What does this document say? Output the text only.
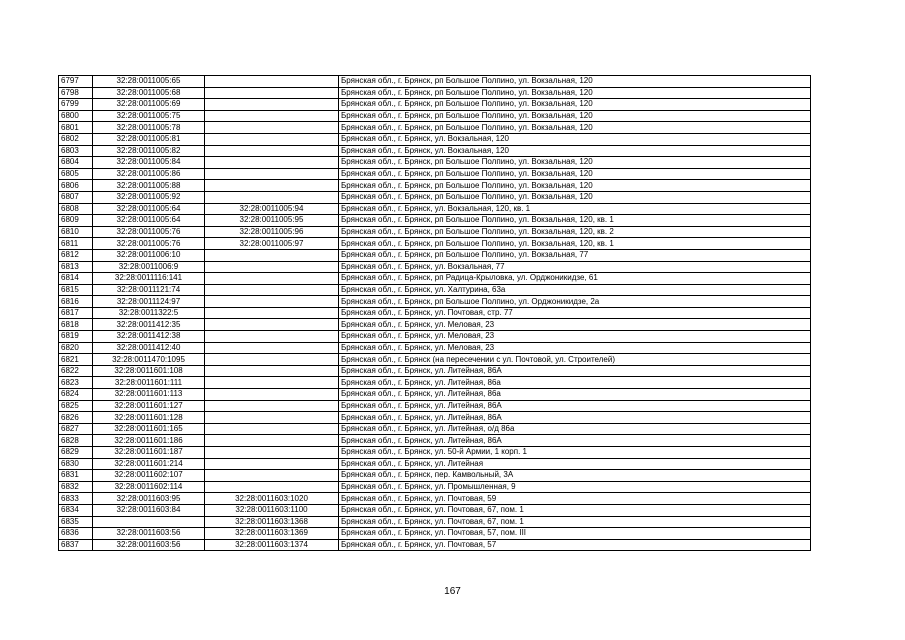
6797	32:28:0011005:65		Брянская обл., г. Брянск, рп Большое Полпино, ул. Вокзальная, 120
6798	32:28:0011005:68		Брянская обл., г. Брянск, рп Большое Полпино, ул. Вокзальная, 120
6799	32:28:0011005:69		Брянская обл., г. Брянск, рп Большое Полпино, ул. Вокзальная, 120
6800	32:28:0011005:75		Брянская обл., г. Брянск, рп Большое Полпино, ул. Вокзальная, 120
6801	32:28:0011005:78		Брянская обл., г. Брянск, рп Большое Полпино, ул. Вокзальная, 120
6802	32:28:0011005:81		Брянская обл., г. Брянск, ул. Вокзальная, 120
6803	32:28:0011005:82		Брянская обл., г. Брянск, ул. Вокзальная, 120
6804	32:28:0011005:84		Брянская обл., г. Брянск, рп Большое Полпино, ул. Вокзальная, 120
6805	32:28:0011005:86		Брянская обл., г. Брянск, рп Большое Полпино, ул. Вокзальная, 120
6806	32:28:0011005:88		Брянская обл., г. Брянск, рп Большое Полпино, ул. Вокзальная, 120
6807	32:28:0011005:92		Брянская обл., г. Брянск, рп Большое Полпино, ул. Вокзальная, 120
6808	32:28:0011005:64	32:28:0011005:94	Брянская обл., г. Брянск, ул. Вокзальная, 120, кв. 1
6809	32:28:0011005:64	32:28:0011005:95	Брянская обл., г. Брянск, рп Большое Полпино, ул. Вокзальная, 120, кв. 1
6810	32:28:0011005:76	32:28:0011005:96	Брянская обл., г. Брянск, рп Большое Полпино, ул. Вокзальная, 120, кв. 2
6811	32:28:0011005:76	32:28:0011005:97	Брянская обл., г. Брянск, рп Большое Полпино, ул. Вокзальная, 120, кв. 1
6812	32:28:0011006:10		Брянская обл., г. Брянск, рп Большое Полпино, ул. Вокзальная, 77
6813	32:28:0011006:9		Брянская обл., г. Брянск, ул. Вокзальная, 77
6814	32:28:0011116:141		Брянская обл., г. Брянск, рп Радица-Крыловка, ул. Орджоникидзе, 61
6815	32:28:0011121:74		Брянская обл., г. Брянск, ул. Халтурина, 63а
6816	32:28:0011124:97		Брянская обл., г. Брянск, рп Большое Полпино, ул. Орджоникидзе, 2а
6817	32:28:0011322:5		Брянская обл., г. Брянск, ул. Почтовая, стр. 77
6818	32:28:0011412:35		Брянская обл., г. Брянск, ул. Меловая, 23
6819	32:28:0011412:38		Брянская обл., г. Брянск, ул. Меловая, 23
6820	32:28:0011412:40		Брянская обл., г. Брянск, ул. Меловая, 23
6821	32:28:0011470:1095		Брянская обл., г. Брянск (на пересечении с ул. Почтовой, ул. Строителей)
6822	32:28:0011601:108		Брянская обл., г. Брянск, ул. Литейная, 86А
6823	32:28:0011601:111		Брянская обл., г. Брянск, ул. Литейная, 86а
6824	32:28:0011601:113		Брянская обл., г. Брянск, ул. Литейная, 86а
6825	32:28:0011601:127		Брянская обл., г. Брянск, ул. Литейная, 86А
6826	32:28:0011601:128		Брянская обл., г. Брянск, ул. Литейная, 86А
6827	32:28:0011601:165		Брянская обл., г. Брянск, ул. Литейная, о/д 86а
6828	32:28:0011601:186		Брянская обл., г. Брянск, ул. Литейная, 86А
6829	32:28:0011601:187		Брянская обл., г. Брянск, ул. 50-й Армии, 1 корп. 1
6830	32:28:0011601:214		Брянская обл., г. Брянск, ул. Литейная
6831	32:28:0011602:107		Брянская обл., г. Брянск, пер. Камвольный, 3А
6832	32:28:0011602:114		Брянская обл., г. Брянск, ул. Промышленная, 9
6833	32:28:0011603:95	32:28:0011603:1020	Брянская обл., г. Брянск, ул. Почтовая, 59
6834	32:28:0011603:84	32:28:0011603:1100	Брянская обл., г. Брянск, ул. Почтовая, 67, пом. 1
6835		32:28:0011603:1368	Брянская обл., г. Брянск, ул. Почтовая, 67, пом. 1
6836	32:28:0011603:56	32:28:0011603:1369	Брянская обл., г. Брянск, ул. Почтовая, 57, пом. III
6837	32:28:0011603:56	32:28:0011603:1374	Брянская обл., г. Брянск, ул. Почтовая, 57
167
